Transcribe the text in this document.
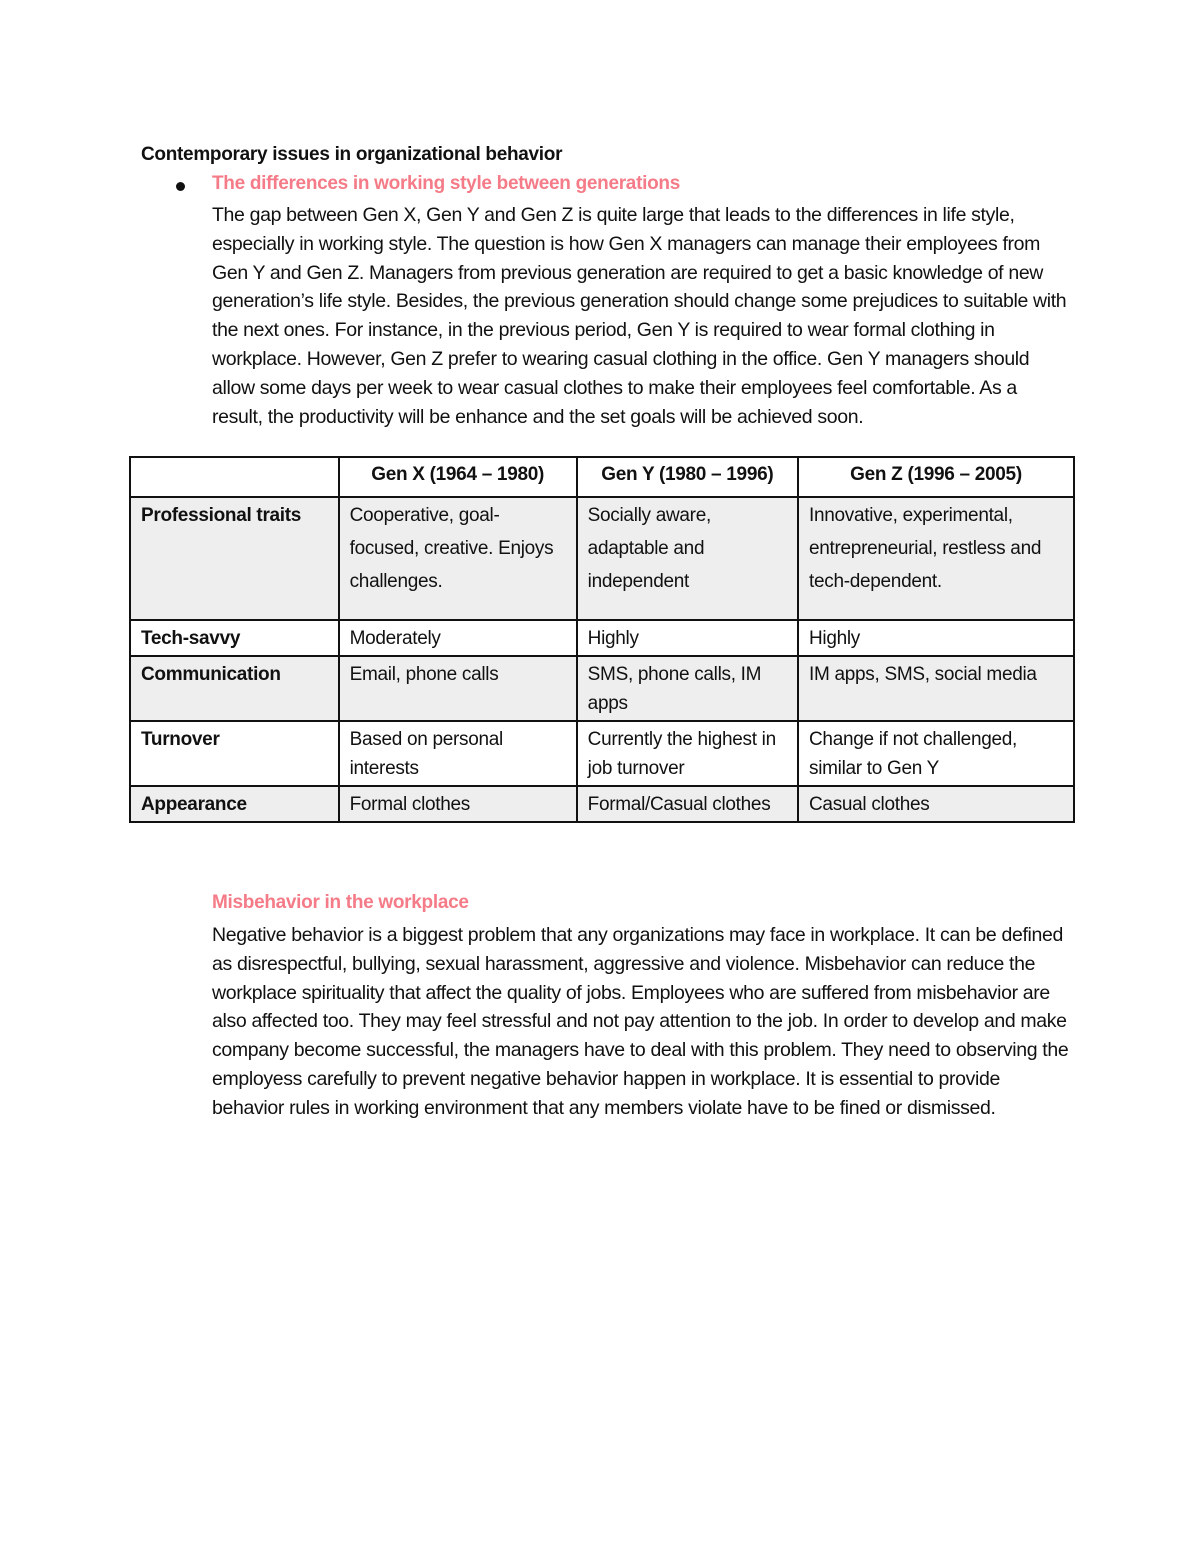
Contemporary issues in organizational behavior
The differences in working style between generations

The gap between Gen X, Gen Y and Gen Z is quite large that leads to the differences in life style, especially in working style. The question is how Gen X managers can manage their employees from Gen Y and Gen Z. Managers from previous generation are required to get a basic knowledge of new generation’s life style. Besides, the previous generation should change some prejudices to suitable with the next ones. For instance, in the previous period, Gen Y is required to wear formal clothing in workplace. However, Gen Z prefer to wearing casual clothing in the office. Gen Y managers should allow some days per week to wear casual clothes to make their employees feel comfortable. As a result, the productivity will be enhance and the set goals will be achieved soon.

	Gen X (1964 – 1980)	Gen Y (1980 – 1996)	Gen Z (1996 – 2005)
Professional traits	Cooperative, goal-focused, creative. Enjoys challenges.	Socially aware, adaptable and independent	Innovative, experimental, entrepreneurial, restless and tech-dependent.
Tech-savvy	Moderately	Highly	Highly
Communication	Email, phone calls	SMS, phone calls, IM apps	IM apps, SMS, social media
Turnover	Based on personal interests	Currently the highest in job turnover	Change if not challenged, similar to Gen Y
Appearance	Formal clothes	Formal/Casual clothes	Casual clothes
Misbehavior in the workplace

Negative behavior is a biggest problem that any organizations may face in workplace. It can be defined as disrespectful, bullying, sexual harassment, aggressive and violence. Misbehavior can reduce the workplace spirituality that affect the quality of jobs. Employees who are suffered from misbehavior are also affected too. They may feel stressful and not pay attention to the job. In order to develop and make company become successful, the managers have to deal with this problem. They need to observing the employess carefully to prevent negative behavior happen in workplace. It is essential to provide behavior rules in working environment that any members violate have to be fined or dismissed.
